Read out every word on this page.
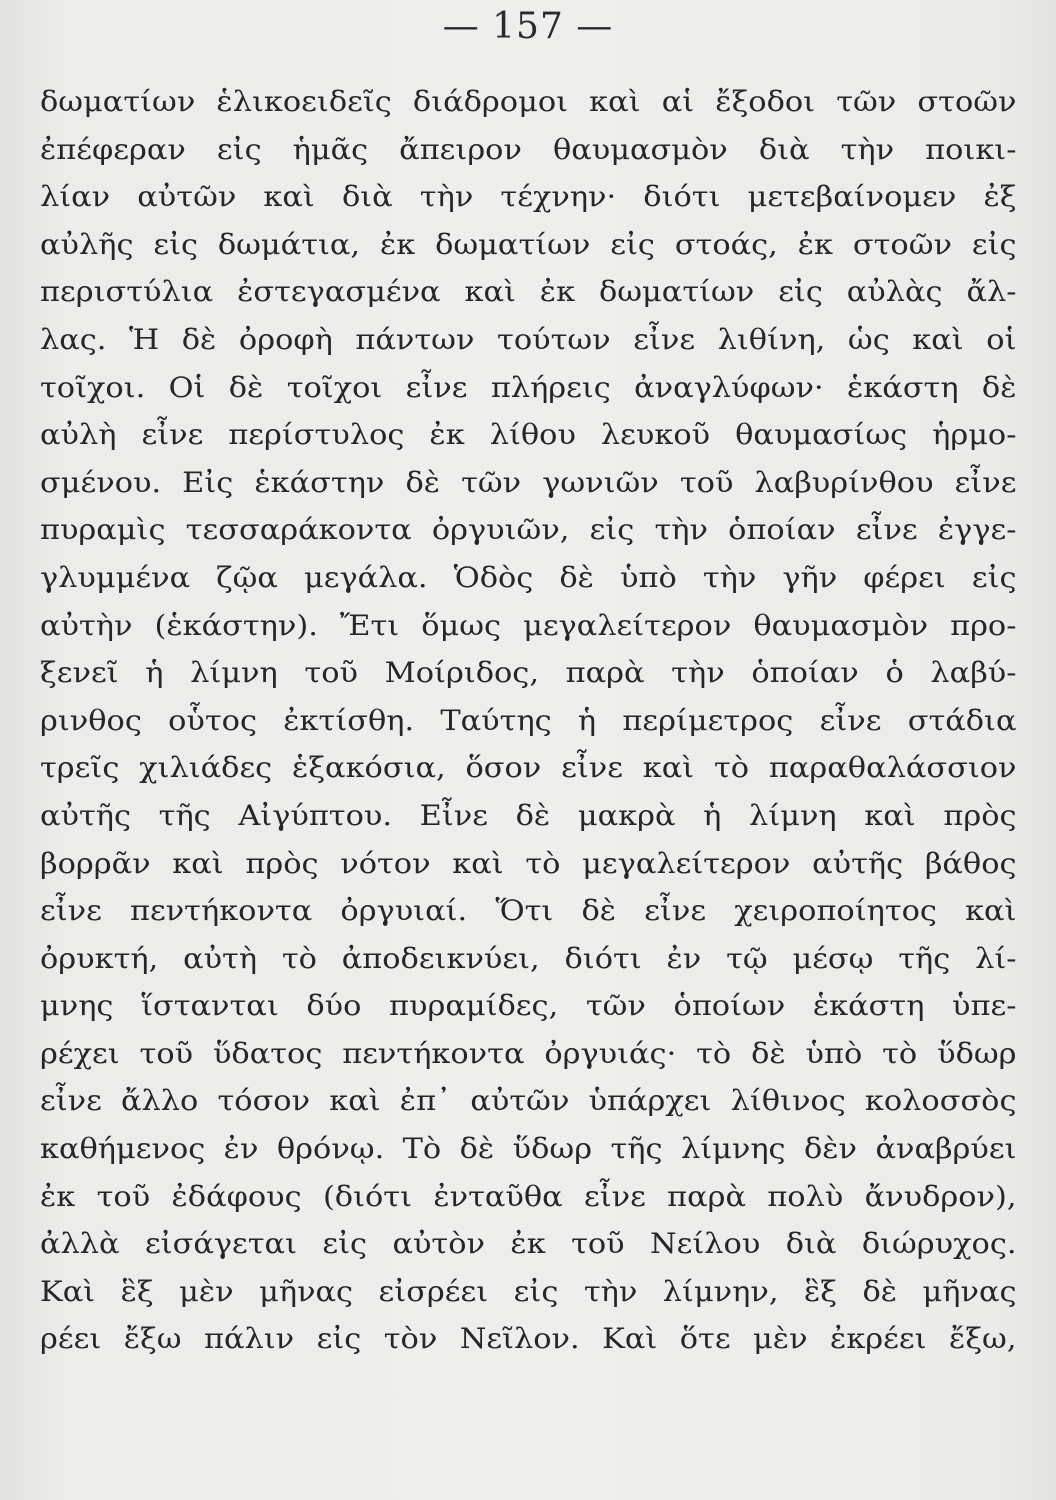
— 157 —
δωματίων ἑλικοειδεῖς διάδρομοι καὶ αἱ ἔξοδοι τῶν στοῶν
ἐπέφεραν εἰς ἡμᾶς ἄπειρον θαυμασμὸν διὰ τὴν ποικι-
λίαν αὐτῶν καὶ διὰ τὴν τέχνην· διότι μετεβαίνομεν ἐξ
αὐλῆς εἰς δωμάτια, ἐκ δωματίων εἰς στοάς, ἐκ στοῶν εἰς
περιστύλια ἐστεγασμένα καὶ ἐκ δωματίων εἰς αὐλὰς ἄλ-
λας. Ἡ δὲ ὀροφὴ πάντων τούτων εἶνε λιθίνη, ὡς καὶ οἱ
τοῖχοι. Οἱ δὲ τοῖχοι εἶνε πλήρεις ἀναγλύφων· ἑκάστη δὲ
αὐλὴ εἶνε περίστυλος ἐκ λίθου λευκοῦ θαυμασίως ἡρμο-
σμένου. Εἰς ἑκάστην δὲ τῶν γωνιῶν τοῦ λαβυρίνθου εἶνε
πυραμὶς τεσσαράκοντα ὀργυιῶν, εἰς τὴν ὁποίαν εἶνε ἐγγε-
γλυμμένα ζῷα μεγάλα. Ὁδὸς δὲ ὑπὸ τὴν γῆν φέρει εἰς
αὐτὴν (ἑκάστην). Ἔτι ὅμως μεγαλείτερον θαυμασμὸν προ-
ξενεῖ ἡ λίμνη τοῦ Μοίριδος, παρὰ τὴν ὁποίαν ὁ λαβύ-
ρινθος οὗτος ἐκτίσθη. Ταύτης ἡ περίμετρος εἶνε στάδια
τρεῖς χιλιάδες ἑξακόσια, ὅσον εἶνε καὶ τὸ παραθαλάσσιον
αὐτῆς τῆς Αἰγύπτου. Εἶνε δὲ μακρὰ ἡ λίμνη καὶ πρὸς
βορρᾶν καὶ πρὸς νότον καὶ τὸ μεγαλείτερον αὐτῆς βάθος
εἶνε πεντήκοντα ὀργυιαί. Ὅτι δὲ εἶνε χειροποίητος καὶ
ὀρυκτή, αὐτὴ τὸ ἀποδεικνύει, διότι ἐν τῷ μέσῳ τῆς λί-
μνης ἵστανται δύο πυραμίδες, τῶν ὁποίων ἑκάστη ὑπε-
ρέχει τοῦ ὕδατος πεντήκοντα ὀργυιάς· τὸ δὲ ὑπὸ τὸ ὕδωρ
εἶνε ἄλλο τόσον καὶ ἐπ᾽ αὐτῶν ὑπάρχει λίθινος κολοσσὸς
καθήμενος ἐν θρόνῳ. Τὸ δὲ ὕδωρ τῆς λίμνης δὲν ἀναβρύει
ἐκ τοῦ ἐδάφους (διότι ἐνταῦθα εἶνε παρὰ πολὺ ἄνυδρον),
ἀλλὰ εἰσάγεται εἰς αὐτὸν ἐκ τοῦ Νείλου διὰ διώρυχος.
Καὶ ἓξ μὲν μῆνας εἰσρέει εἰς τὴν λίμνην, ἓξ δὲ μῆνας
ρέει ἔξω πάλιν εἰς τὸν Νεῖλον. Καὶ ὅτε μὲν ἐκρέει ἔξω,
